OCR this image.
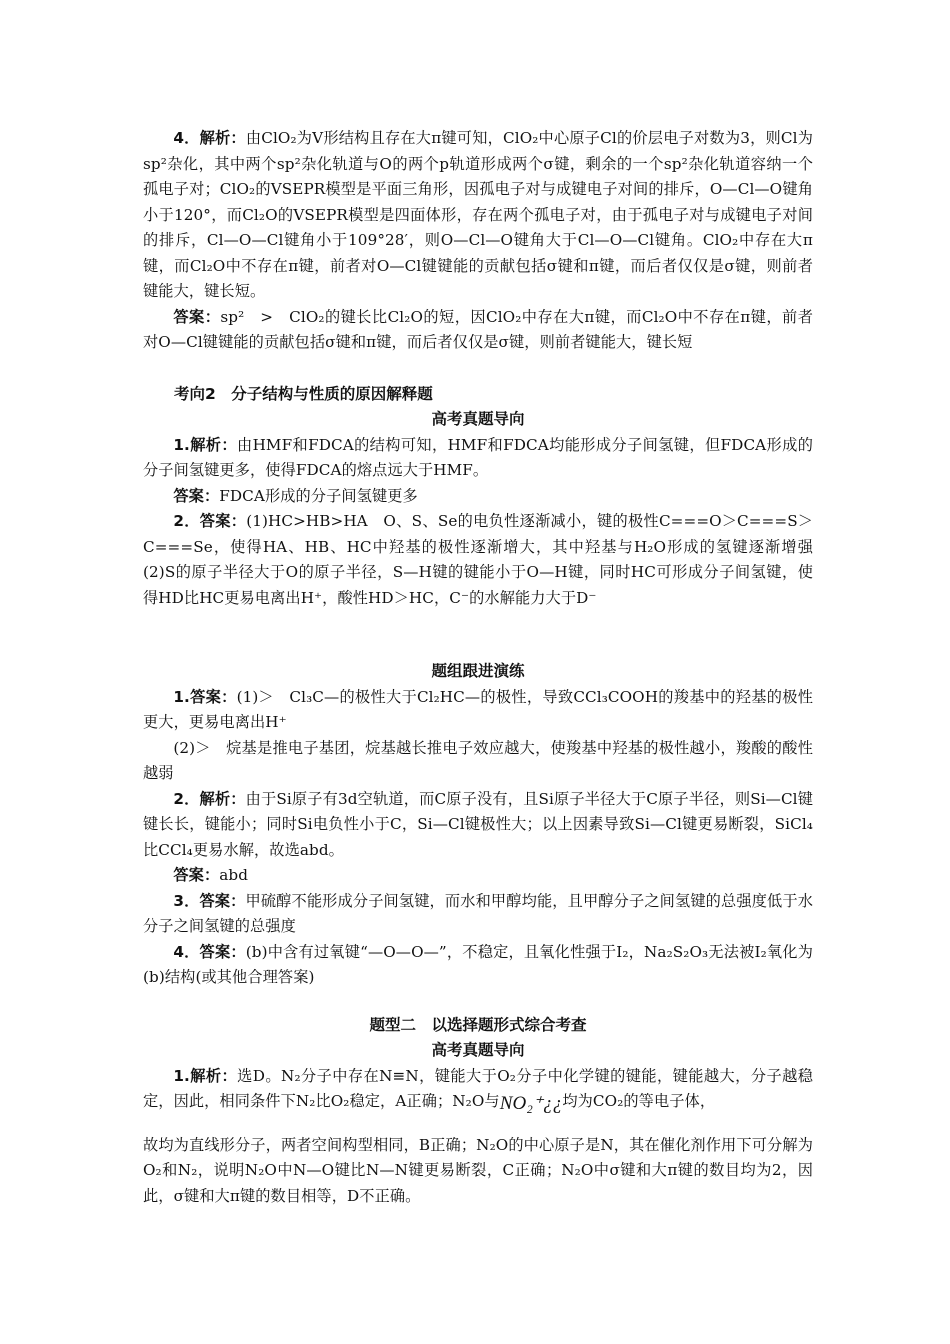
4．解析：由ClO₂为V形结构且存在大π键可知，ClO₂中心原子Cl的价层电子对数为3，则Cl为sp²杂化，其中两个sp²杂化轨道与O的两个p轨道形成两个σ键，剩余的一个sp²杂化轨道容纳一个孤电子对；ClO₂的VSEPR模型是平面三角形，因孤电子对与成键电子对间的排斥，O—Cl—O键角小于120°，而Cl₂O的VSEPR模型是四面体形，存在两个孤电子对，由于孤电子对与成键电子对间的排斥，Cl—O—Cl键角小于109°28′，则O—Cl—O键角大于Cl—O—Cl键角。ClO₂中存在大π键，而Cl₂O中不存在π键，前者对O—Cl键键能的贡献包括σ键和π键，而后者仅仅是σ键，则前者键能大，键长短。

答案：sp²　>　ClO₂的键长比Cl₂O的短，因ClO₂中存在大π键，而Cl₂O中不存在π键，前者对O—Cl键键能的贡献包括σ键和π键，而后者仅仅是σ键，则前者键能大，键长短

考向2　分子结构与性质的原因解释题
高考真题导向

1.解析：由HMF和FDCA的结构可知，HMF和FDCA均能形成分子间氢键，但FDCA形成的分子间氢键更多，使得FDCA的熔点远大于HMF。

答案：FDCA形成的分子间氢键更多

2．答案：(1)HC>HB>HA　O、S、Se的电负性逐渐减小，键的极性C===O＞C===S＞C===Se，使得HA、HB、HC中羟基的极性逐渐增大，其中羟基与H₂O形成的氢键逐渐增强　(2)S的原子半径大于O的原子半径，S—H键的键能小于O—H键，同时HC可形成分子间氢键，使得HD比HC更易电离出H⁺，酸性HD＞HC，C⁻的水解能力大于D⁻

题组跟进演练

1.答案：(1)＞　Cl₃C—的极性大于Cl₂HC—的极性，导致CCl₃COOH的羧基中的羟基的极性更大，更易电离出H⁺

(2)＞　烷基是推电子基团，烷基越长推电子效应越大，使羧基中羟基的极性越小，羧酸的酸性越弱

2．解析：由于Si原子有3d空轨道，而C原子没有，且Si原子半径大于C原子半径，则Si—Cl键键长长，键能小；同时Si电负性小于C，Si—Cl键极性大；以上因素导致Si—Cl键更易断裂，SiCl₄比CCl₄更易水解，故选abd。

答案：abd

3．答案：甲硫醇不能形成分子间氢键，而水和甲醇均能，且甲醇分子之间氢键的总强度低于水分子之间氢键的总强度

4．答案：(b)中含有过氧键“—O—O—”，不稳定，且氧化性强于I₂，Na₂S₂O₃无法被I₂氧化为(b)结构(或其他合理答案)

题型二　以选择题形式综合考查
高考真题导向

1.解析：选D。N₂分子中存在N≡N，键能大于O₂分子中化学键的键能，键能越大，分子越稳定，因此，相同条件下N₂比O₂稳定，A正确；N₂O与NO₂⁺¿¿均为CO₂的等电子体，

故均为直线形分子，两者空间构型相同，B正确；N₂O的中心原子是N，其在催化剂作用下可分解为O₂和N₂，说明N₂O中N—O键比N—N键更易断裂，C正确；N₂O中σ键和大π键的数目均为2，因此，σ键和大π键的数目相等，D不正确。
